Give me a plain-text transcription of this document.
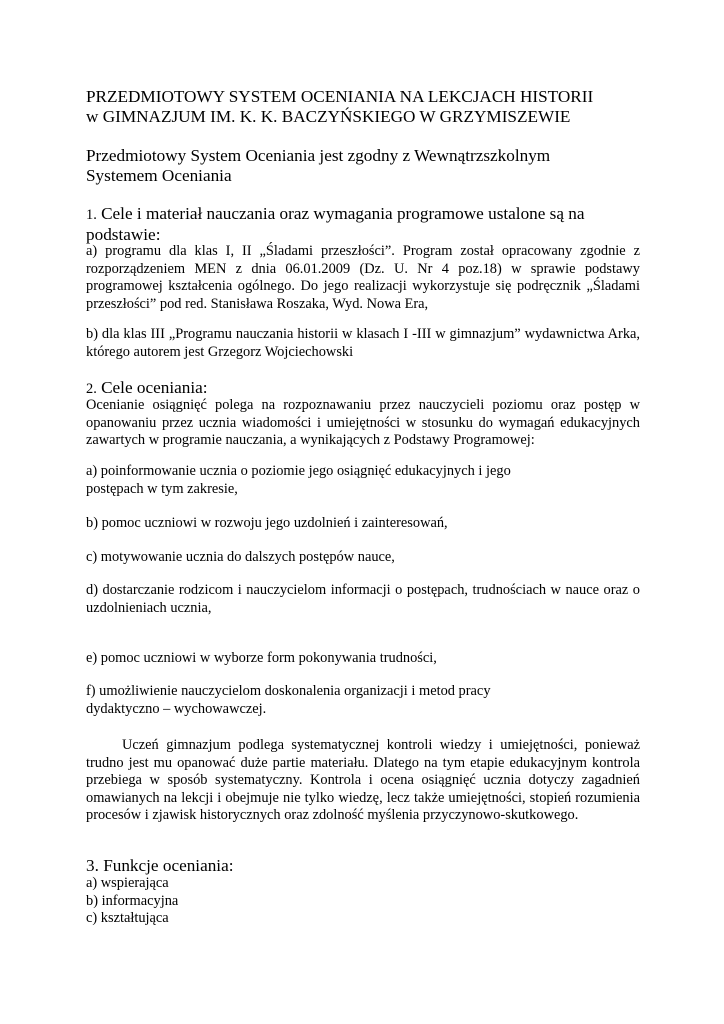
PRZEDMIOTOWY SYSTEM OCENIANIA NA LEKCJACH HISTORII
w GIMNAZJUM IM. K. K. BACZYŃSKIEGO W GRZYMISZEWIE
Przedmiotowy System Oceniania jest zgodny z Wewnątrzszkolnym
Systemem Oceniania
1. Cele i materiał nauczania oraz wymagania programowe ustalone są na
podstawie:

a) programu dla klas I, II „Śladami przeszłości”. Program został opracowany zgodnie z rozporządzeniem MEN z dnia 06.01.2009 (Dz. U. Nr 4 poz.18) w sprawie podstawy programowej kształcenia ogólnego. Do jego realizacji wykorzystuje się podręcznik „Śladami przeszłości” pod red. Stanisława Roszaka, Wyd. Nowa Era,

b) dla klas III „Programu nauczania historii w klasach I -III w gimnazjum” wydawnictwa Arka, którego autorem jest Grzegorz Wojciechowski

2. Cele oceniania:

Ocenianie osiągnięć polega na rozpoznawaniu przez nauczycieli poziomu oraz postęp w opanowaniu przez ucznia wiadomości i umiejętności w stosunku do wymagań edukacyjnych zawartych w programie nauczania, a wynikających z Podstawy Programowej:

a) poinformowanie ucznia o poziomie jego osiągnięć edukacyjnych i jego
postępach w tym zakresie,
b) pomoc uczniowi w rozwoju jego uzdolnień i zainteresowań,
c) motywowanie ucznia do dalszych postępów nauce,
d) dostarczanie rodzicom i nauczycielom informacji o postępach, trudnościach w nauce oraz o uzdolnieniach ucznia,
e) pomoc uczniowi w wyborze form pokonywania trudności,
f) umożliwienie nauczycielom doskonalenia organizacji i metod pracy
dydaktyczno – wychowawczej.

Uczeń gimnazjum podlega systematycznej kontroli wiedzy i umiejętności, ponieważ trudno jest mu opanować duże partie materiału. Dlatego na tym etapie edukacyjnym kontrola przebiega w sposób systematyczny. Kontrola i ocena osiągnięć ucznia dotyczy zagadnień omawianych na lekcji i obejmuje nie tylko wiedzę, lecz także umiejętności, stopień rozumienia procesów i zjawisk historycznych oraz zdolność myślenia przyczynowo-skutkowego.

3. Funkcje oceniania:
a) wspierająca
b) informacyjna
c) kształtująca
